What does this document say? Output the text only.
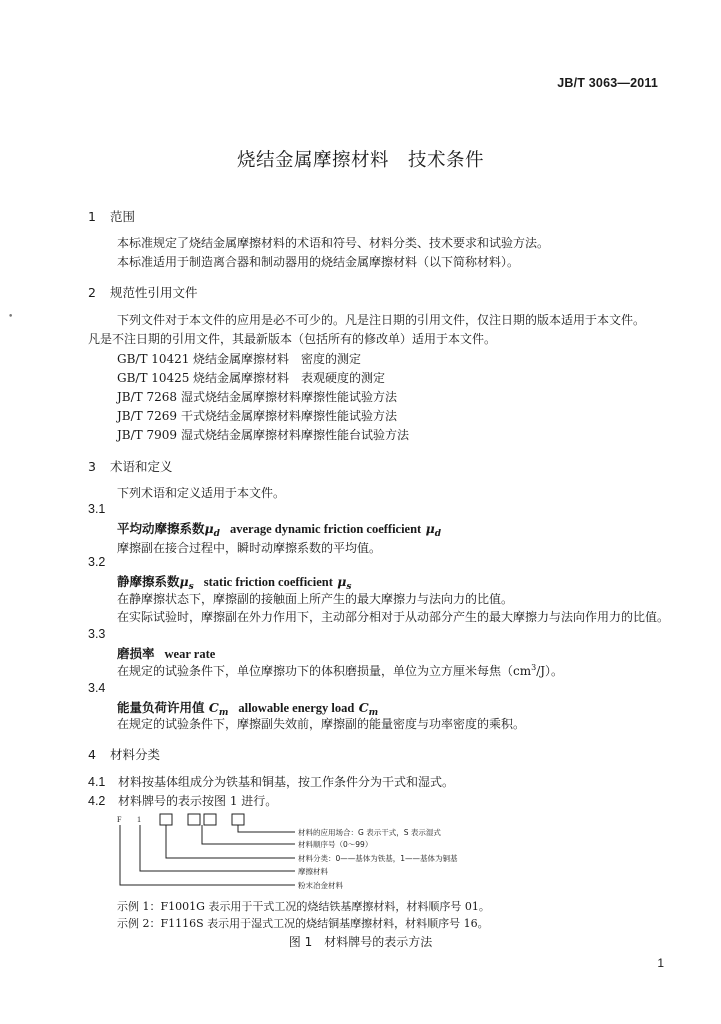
JB/T 3063—2011
烧结金属摩擦材料　技术条件
1 范围
本标准规定了烧结金属摩擦材料的术语和符号、材料分类、技术要求和试验方法。
本标准适用于制造离合器和制动器用的烧结金属摩擦材料（以下简称材料）。
2 规范性引用文件
下列文件对于本文件的应用是必不可少的。凡是注日期的引用文件，仅注日期的版本适用于本文件。
凡是不注日期的引用文件，其最新版本（包括所有的修改单）适用于本文件。
•
GB/T 10421 烧结金属摩擦材料　密度的测定
GB/T 10425 烧结金属摩擦材料　表观硬度的测定
JB/T 7268 湿式烧结金属摩擦材料摩擦性能试验方法
JB/T 7269 干式烧结金属摩擦材料摩擦性能试验方法
JB/T 7909 湿式烧结金属摩擦材料摩擦性能台试验方法
3 术语和定义
下列术语和定义适用于本文件。
3.1
平均动摩擦系数$\mu_d$ average dynamic friction coefficient $\mu_d$
摩擦副在接合过程中，瞬时动摩擦系数的平均值。
3.2
静摩擦系数$\mu_s$ static friction coefficient $\mu_s$
在静摩擦状态下，摩擦副的接触面上所产生的最大摩擦力与法向力的比值。
在实际试验时，摩擦副在外力作用下，主动部分相对于从动部分产生的最大摩擦力与法向作用力的比值。
3.3
磨损率 wear rate
在规定的试验条件下，单位摩擦功下的体积磨损量，单位为立方厘米每焦$(cm^3/J)$。
3.4
能量负荷许用值 $C_m$ allowable energy load $C_m$
在规定的试验条件下，摩擦副失效前，摩擦副的能量密度与功率密度的乘积。
4 材料分类
4.1 材料按基体组成分为铁基和铜基，按工作条件分为干式和湿式。
4.2 材料牌号的表示按图 1 进行。
F 1
材料的应用场合：G 表示干式，S 表示湿式
材料顺序号（0～99）
材料分类：0——基体为铁基，1——基体为铜基
摩擦材料
粉末冶金材料
示例 1：F1001G 表示用于干式工况的烧结铁基摩擦材料，材料顺序号 01。
示例 2：F1116S 表示用于湿式工况的烧结铜基摩擦材料，材料顺序号 16。
图 1　材料牌号的表示方法
1
